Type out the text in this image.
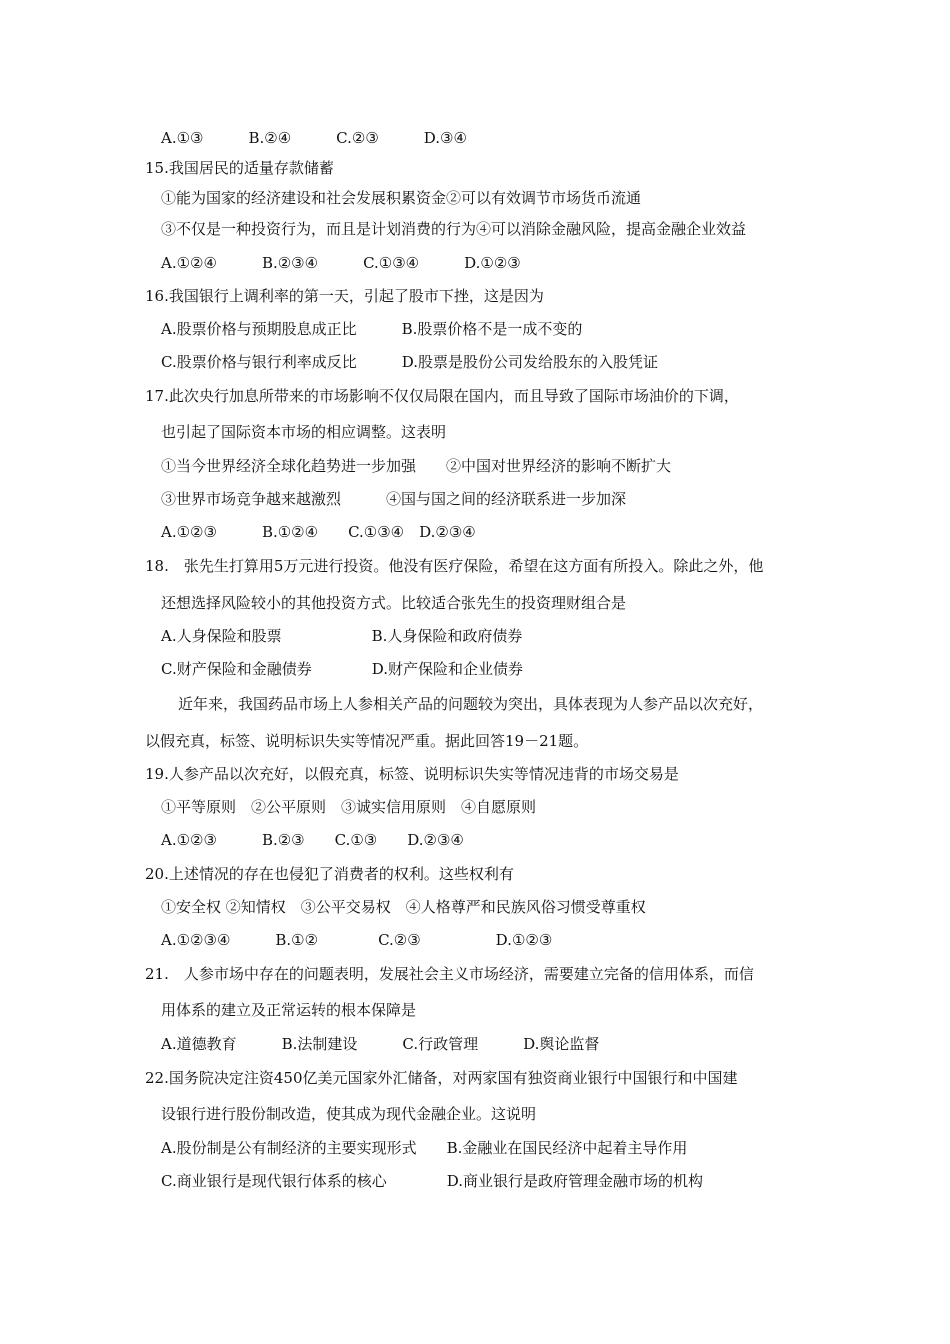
A.①③　　　B.②④　　　C.②③　　　D.③④
15.我国居民的适量存款储蓄
①能为国家的经济建设和社会发展积累资金②可以有效调节市场货币流通
③不仅是一种投资行为，而且是计划消费的行为④可以消除金融风险，提高金融企业效益
A.①②④　　　B.②③④　　　C.①③④　　　D.①②③
16.我国银行上调利率的第一天，引起了股市下挫，这是因为
A.股票价格与预期股息成正比　　　B.股票价格不是一成不变的
C.股票价格与银行利率成反比　　　D.股票是股份公司发给股东的入股凭证
17.此次央行加息所带来的市场影响不仅仅局限在国内，而且导致了国际市场油价的下调，
也引起了国际资本市场的相应调整。这表明
①当今世界经济全球化趋势进一步加强　　②中国对世界经济的影响不断扩大
③世界市场竞争越来越激烈　　　④国与国之间的经济联系进一步加深
A.①②③　　　B.①②④　　C.①③④　D.②③④
18.　张先生打算用5万元进行投资。他没有医疗保险，希望在这方面有所投入。除此之外，他
还想选择风险较小的其他投资方式。比较适合张先生的投资理财组合是
A.人身保险和股票　　　　　　B.人身保险和政府债券
C.财产保险和金融债券　　　　D.财产保险和企业债券
近年来，我国药品市场上人参相关产品的问题较为突出，具体表现为人参产品以次充好，
以假充真，标签、说明标识失实等情况严重。据此回答19－21题。
19.人参产品以次充好，以假充真，标签、说明标识失实等情况违背的市场交易是
①平等原则　②公平原则　③诚实信用原则　④自愿原则
A.①②③　　　B.②③　　C.①③　　D.②③④
20.上述情况的存在也侵犯了消费者的权利。这些权利有
①安全权 ②知情权　③公平交易权　④人格尊严和民族风俗习惯受尊重权
A.①②③④　　　B.①②　　　　C.②③　　　　　D.①②③
21.　人参市场中存在的问题表明，发展社会主义市场经济，需要建立完备的信用体系，而信
用体系的建立及正常运转的根本保障是
A.道德教育　　　B.法制建设　　　C.行政管理　　　D.舆论监督
22.国务院决定注资450亿美元国家外汇储备，对两家国有独资商业银行中国银行和中国建
设银行进行股份制改造，使其成为现代金融企业。这说明
A.股份制是公有制经济的主要实现形式　　B.金融业在国民经济中起着主导作用
C.商业银行是现代银行体系的核心　　　　D.商业银行是政府管理金融市场的机构
